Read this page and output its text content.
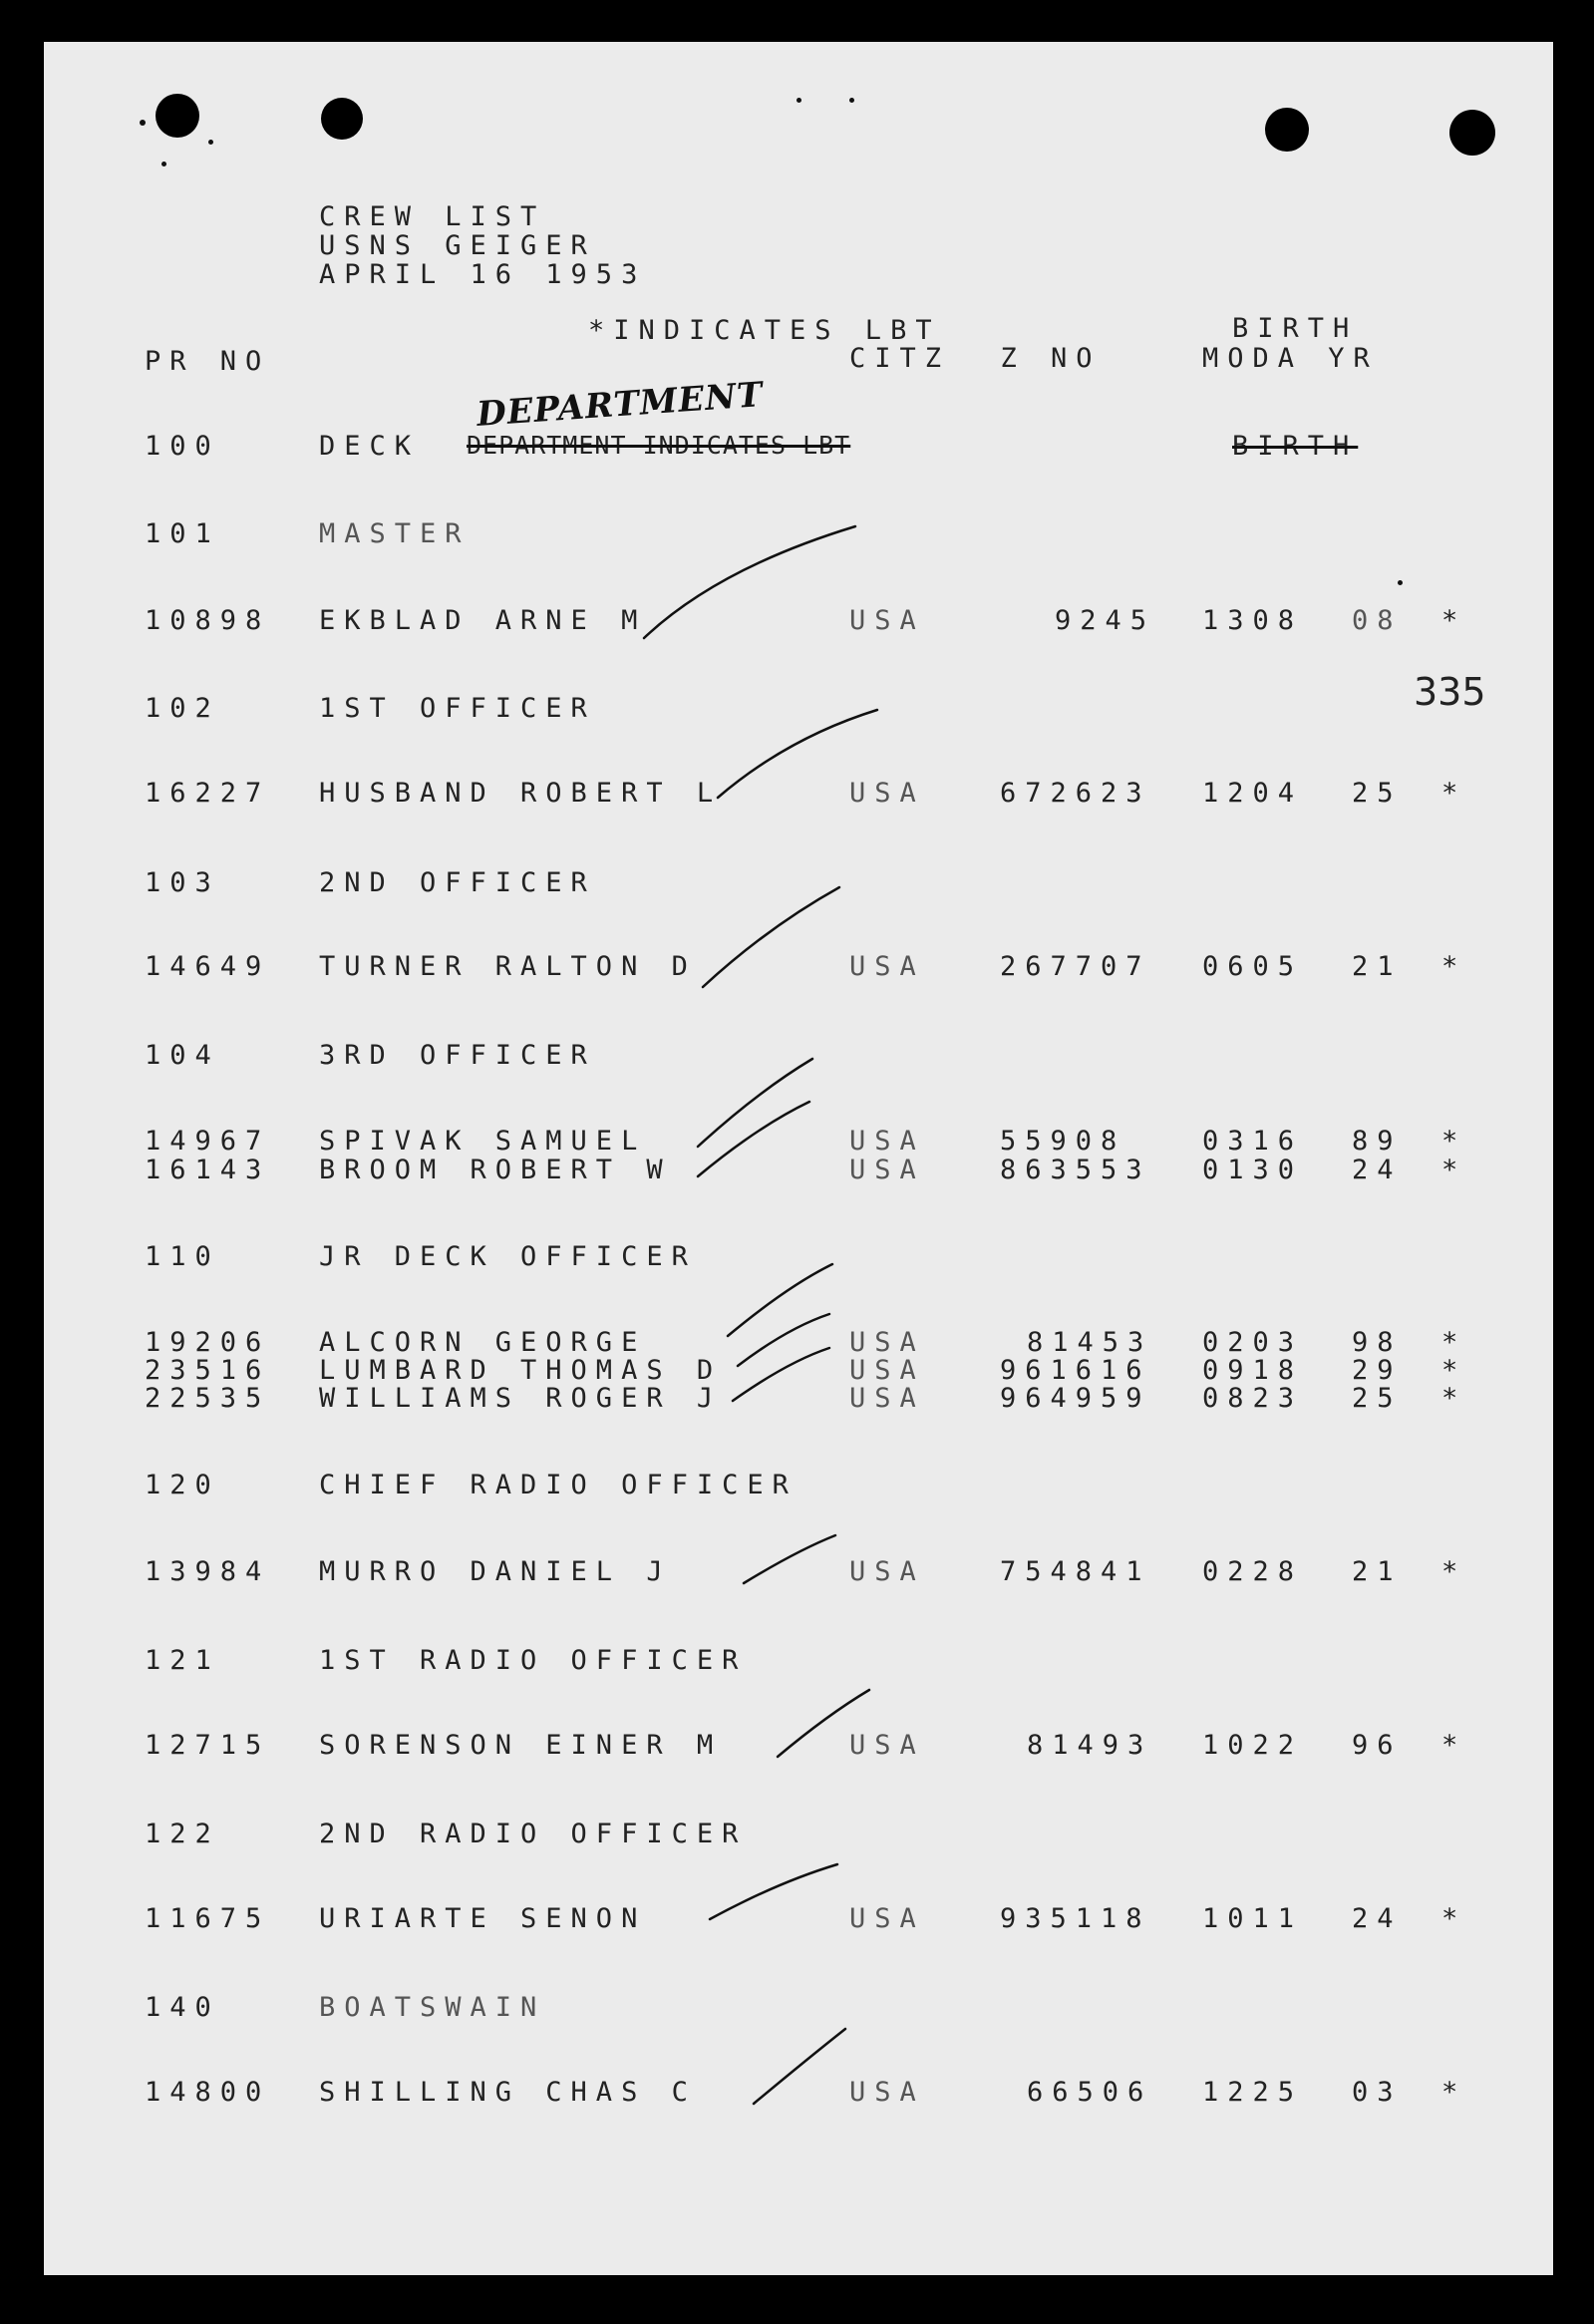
CREW LIST
USNS GEIGER
APRIL 16 1953
*INDICATES LBT	BIRTH
PR NO	CITZ  Z NO	MODA YR
DEPARTMENT
100	DECK DEPARTMENT INDICATES LBT	BIRTH
335
101	MASTER
10898 EKBLAD ARNE M	USA	9245 1308 08 *
102	1ST OFFICER
16227 HUSBAND ROBERT L	USA	672623 1204 25 *
103	2ND OFFICER
14649 TURNER RALTON D	USA	267707 0605 21 *
104	3RD OFFICER
14967 SPIVAK SAMUEL	USA	55908	0316 89 *
16143 BROOM ROBERT W	USA	863553 0130 24 *
110	JR DECK OFFICER
19206 ALCORN GEORGE	USA	81453 0203 98 *
23516 LUMBARD THOMAS D	USA	961616 0918 29 *
22535 WILLIAMS ROGER J	USA	964959 0823 25 *
120	CHIEF RADIO OFFICER
13984 MURRO DANIEL J	USA	754841 0228 21 *
121	1ST RADIO OFFICER
12715 SORENSON EINER M	USA	81493 1022 96 *
122	2ND RADIO OFFICER
11675 URIARTE SENON	USA	935118 1011 24 *
140	BOATSWAIN
14800 SHILLING CHAS C	USA	66506 1225 03 *
